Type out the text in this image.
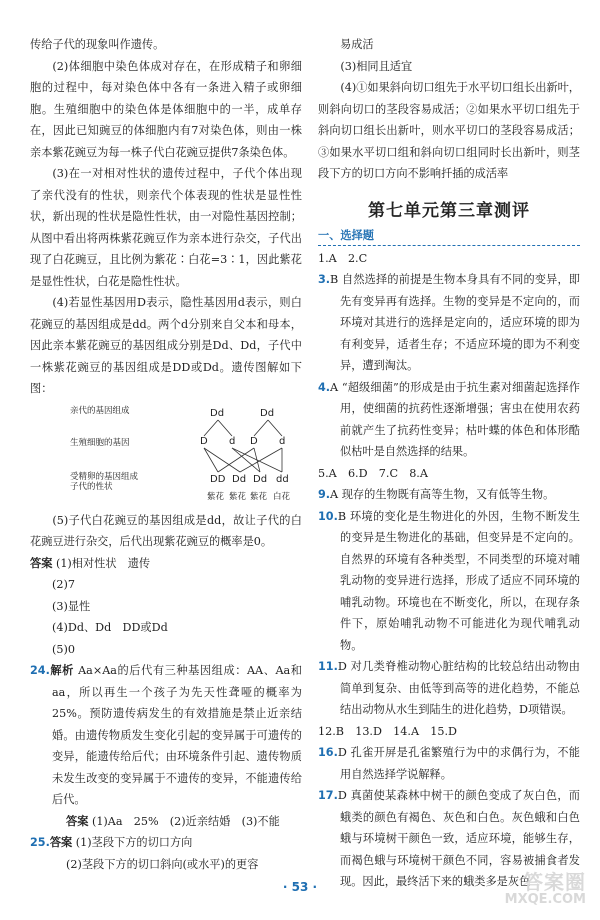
传给子代的现象叫作遗传。

(2)体细胞中染色体成对存在，在形成精子和卵细胞的过程中，每对染色体中各有一条进入精子或卵细胞。生殖细胞中的染色体是体细胞中的一半，成单存在，因此已知豌豆的体细胞内有7对染色体，则由一株亲本紫花豌豆为每一株子代白花豌豆提供7条染色体。

(3)在一对相对性状的遗传过程中，子代个体出现了亲代没有的性状，则亲代个体表现的性状是显性性状，新出现的性状是隐性性状，由一对隐性基因控制；从图中看出将两株紫花豌豆作为亲本进行杂交，子代出现了白花豌豆，且比例为紫花∶白花=3∶1，因此紫花是显性性状，白花是隐性性状。

(4)若显性基因用D表示，隐性基因用d表示，则白花豌豆的基因组成是dd。两个d分别来自父本和母本，因此亲本紫花豌豆的基因组成分别是Dd、Dd，子代中一株紫花豌豆的基因组成是DD或Dd。遗传图解如下图：

亲代的基因组成
生殖细胞的基因
受精卵的基因组成
子代的性状
Dd	Dd
D d D d
DD Dd Dd dd
紫花 紫花 紫花 白花

(5)子代白花豌豆的基因组成是dd，故让子代的白花豌豆进行杂交，后代出现紫花豌豆的概率是0。

答案 (1)相对性状　遗传

(2)7

(3)显性

(4)Dd、Dd　DD或Dd

(5)0

24.解析 Aa×Aa的后代有三种基因组成：AA、Aa和aa，所以再生一个孩子为先天性聋哑的概率为25%。预防遗传病发生的有效措施是禁止近亲结婚。由遗传物质发生变化引起的变异属于可遗传的变异，能遗传给后代；由环境条件引起、遗传物质未发生改变的变异属于不遗传的变异，不能遗传给后代。

答案 (1)Aa　25%　(2)近亲结婚　(3)不能

25.答案 (1)茎段下方的切口方向

(2)茎段下方的切口斜向(或水平)的更容

易成活

(3)相同且适宜

(4)①如果斜向切口组先于水平切口组长出新叶，则斜向切口的茎段容易成活；②如果水平切口组先于斜向切口组长出新叶，则水平切口的茎段容易成活；③如果水平切口组和斜向切口组同时长出新叶，则茎段下方的切口方向不影响扦插的成活率

第七单元第三章测评
一、选择题

1.A　2.C

3.B 自然选择的前提是生物本身具有不同的变异，即先有变异再有选择。生物的变异是不定向的，而环境对其进行的选择是定向的，适应环境的即为有利变异，适者生存；不适应环境的即为不利变异，遭到淘汰。

4.A “超级细菌”的形成是由于抗生素对细菌起选择作用，使细菌的抗药性逐渐增强；害虫在使用农药前就产生了抗药性变异；枯叶蝶的体色和体形酷似枯叶是自然选择的结果。

5.A　6.D　7.C　8.A

9.A 现存的生物既有高等生物，又有低等生物。

10.B 环境的变化是生物进化的外因，生物不断发生的变异是生物进化的基础，但变异是不定向的。自然界的环境有各种类型，不同类型的环境对哺乳动物的变异进行选择，形成了适应不同环境的哺乳动物。环境也在不断变化，所以，在现存条件下，原始哺乳动物不可能进化为现代哺乳动物。

11.D 对几类脊椎动物心脏结构的比较总结出动物由简单到复杂、由低等到高等的进化趋势，不能总结出动物从水生到陆生的进化趋势，D项错误。

12.B　13.D　14.A　15.D

16.D 孔雀开屏是孔雀繁殖行为中的求偶行为，不能用自然选择学说解释。

17.D 真菌使某森林中树干的颜色变成了灰白色，而蛾类的颜色有褐色、灰色和白色。灰色蛾和白色蛾与环境树干颜色一致，适应环境，能够生存，而褐色蛾与环境树干颜色不同，容易被捕食者发现。因此，最终活下来的蛾类多是灰色

· 53 ·	答案圈
MXQE.COM
